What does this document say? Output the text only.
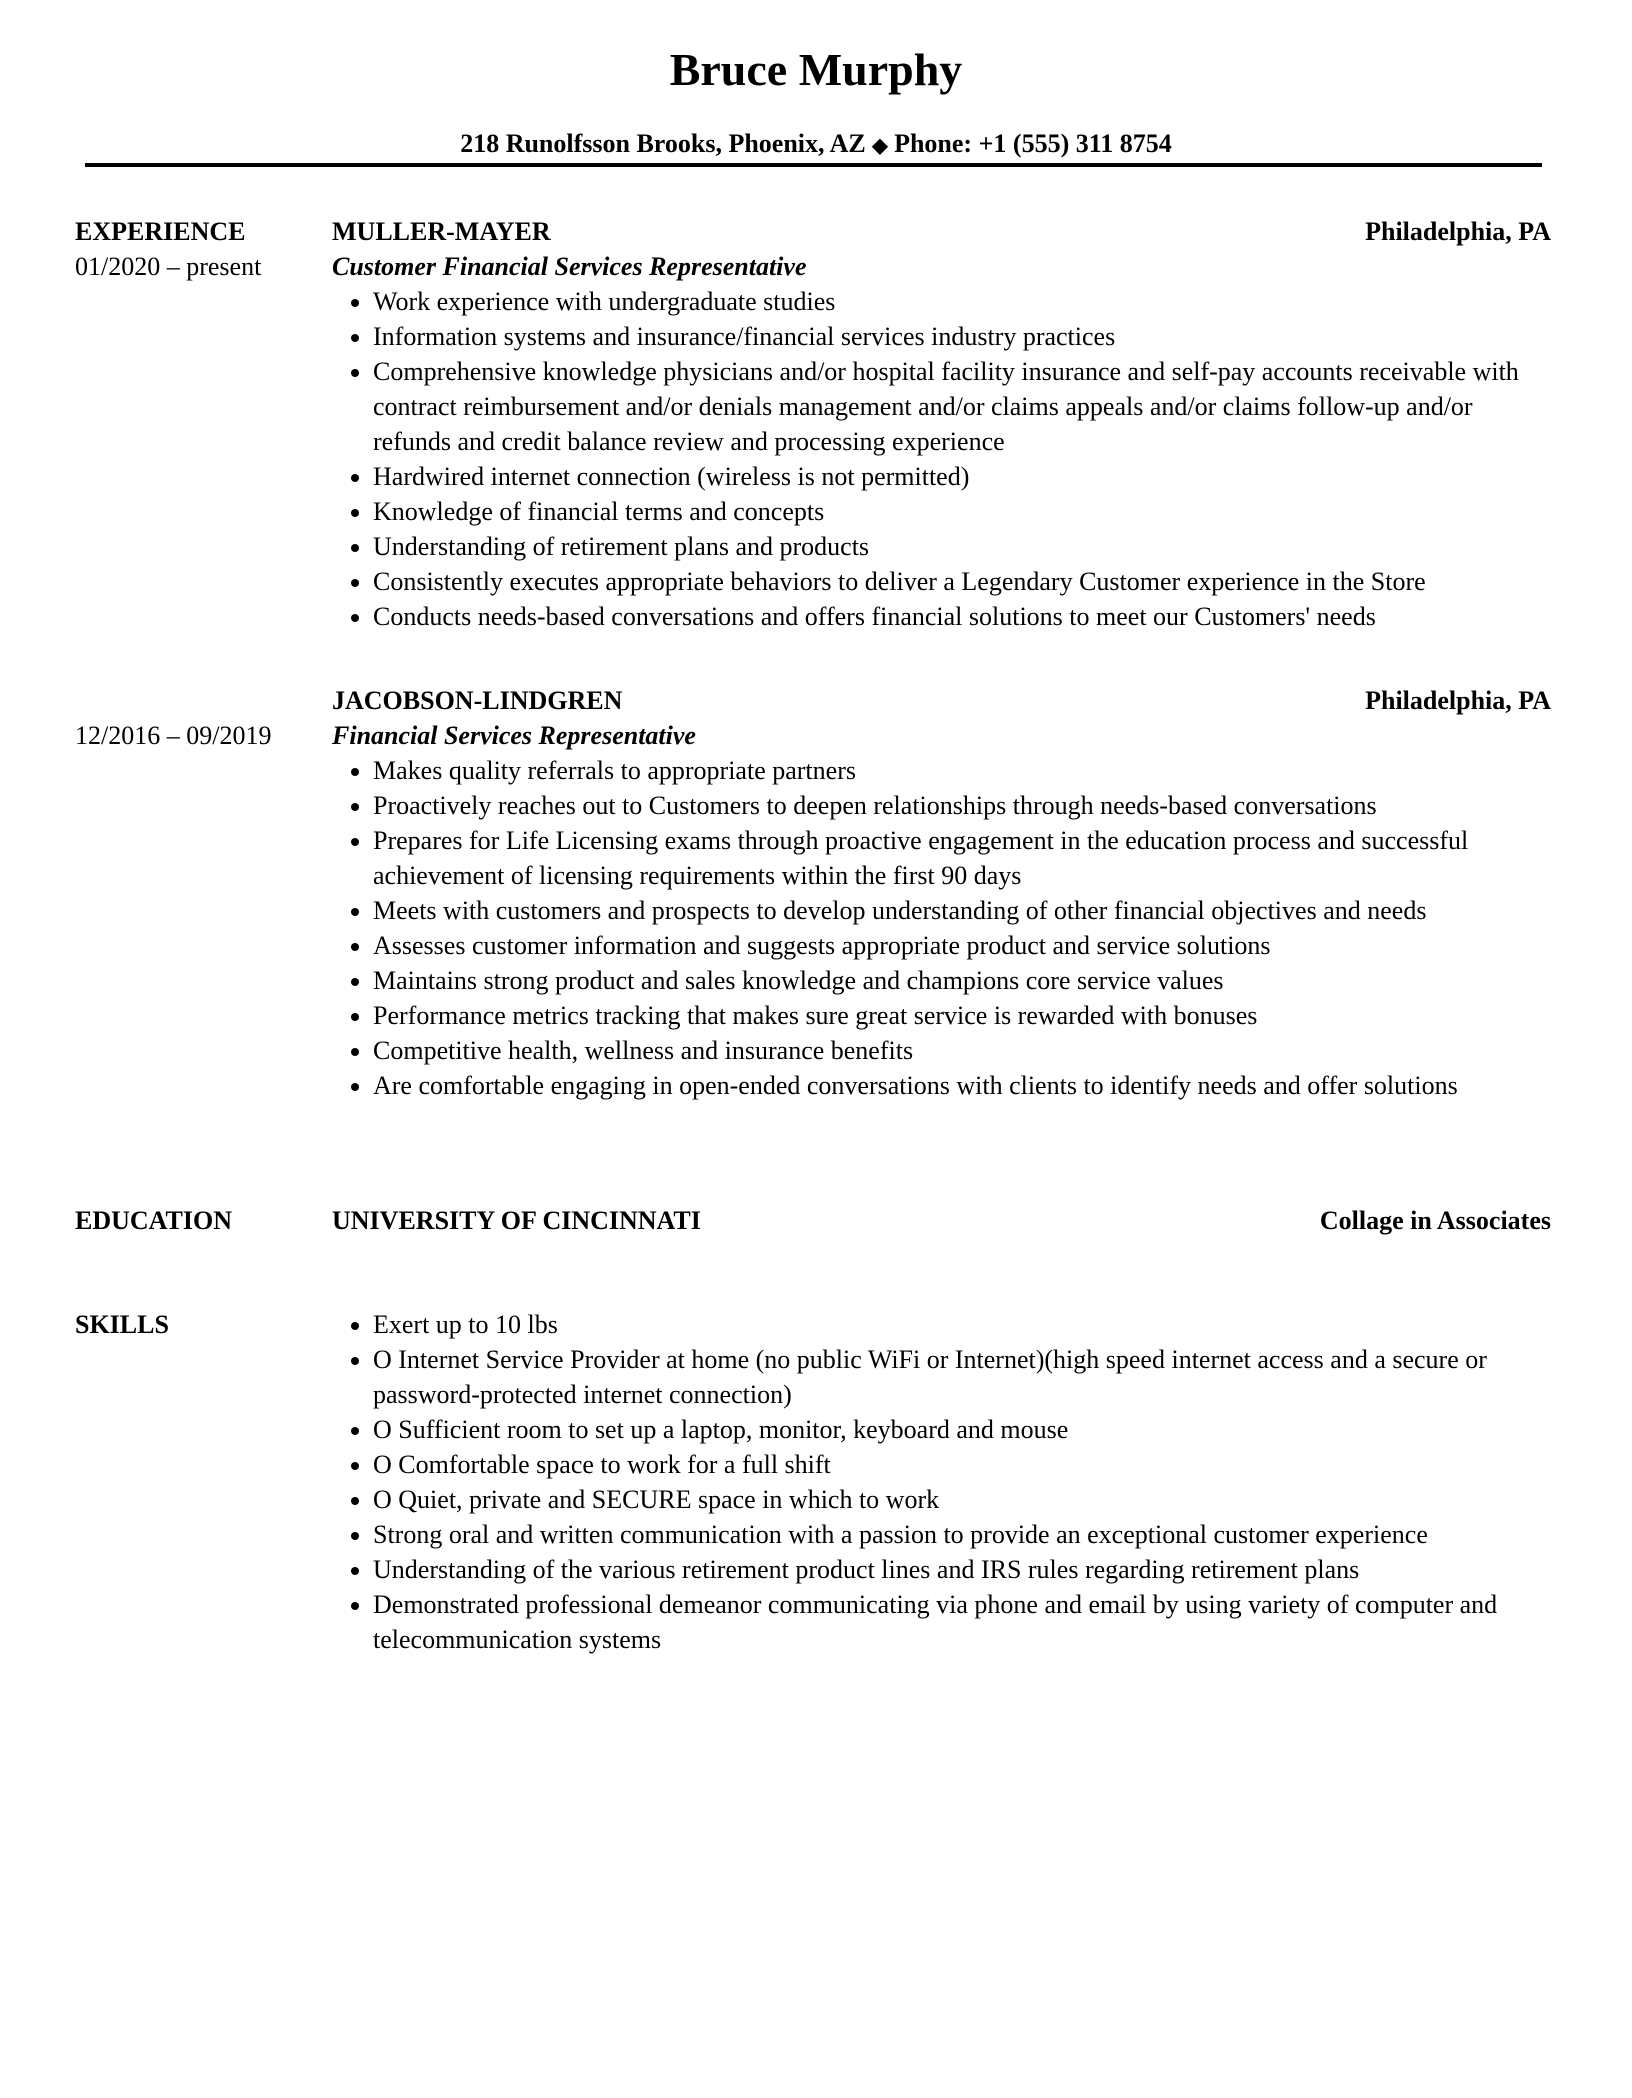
Bruce Murphy
218 Runolfsson Brooks, Phoenix, AZ ◆ Phone: +1 (555) 311 8754
EXPERIENCE
01/2020 – present
MULLER-MAYER	Philadelphia, PA
Customer Financial Services Representative
• Work experience with undergraduate studies
• Information systems and insurance/financial services industry practices
• Comprehensive knowledge physicians and/or hospital facility insurance and self-pay accounts receivable with contract reimbursement and/or denials management and/or claims appeals and/or claims follow-up and/or refunds and credit balance review and processing experience
• Hardwired internet connection (wireless is not permitted)
• Knowledge of financial terms and concepts
• Understanding of retirement plans and products
• Consistently executes appropriate behaviors to deliver a Legendary Customer experience in the Store
• Conducts needs-based conversations and offers financial solutions to meet our Customers' needs
12/2016 – 09/2019
JACOBSON-LINDGREN	Philadelphia, PA
Financial Services Representative
• Makes quality referrals to appropriate partners
• Proactively reaches out to Customers to deepen relationships through needs-based conversations
• Prepares for Life Licensing exams through proactive engagement in the education process and successful achievement of licensing requirements within the first 90 days
• Meets with customers and prospects to develop understanding of other financial objectives and needs
• Assesses customer information and suggests appropriate product and service solutions
• Maintains strong product and sales knowledge and champions core service values
• Performance metrics tracking that makes sure great service is rewarded with bonuses
• Competitive health, wellness and insurance benefits
• Are comfortable engaging in open-ended conversations with clients to identify needs and offer solutions
EDUCATION	UNIVERSITY OF CINCINNATI	Collage in Associates
SKILLS	• Exert up to 10 lbs
• O Internet Service Provider at home (no public WiFi or Internet)(high speed internet access and a secure or password-protected internet connection)
• O Sufficient room to set up a laptop, monitor, keyboard and mouse
• O Comfortable space to work for a full shift
• O Quiet, private and SECURE space in which to work
• Strong oral and written communication with a passion to provide an exceptional customer experience
• Understanding of the various retirement product lines and IRS rules regarding retirement plans
• Demonstrated professional demeanor communicating via phone and email by using variety of computer and telecommunication systems
